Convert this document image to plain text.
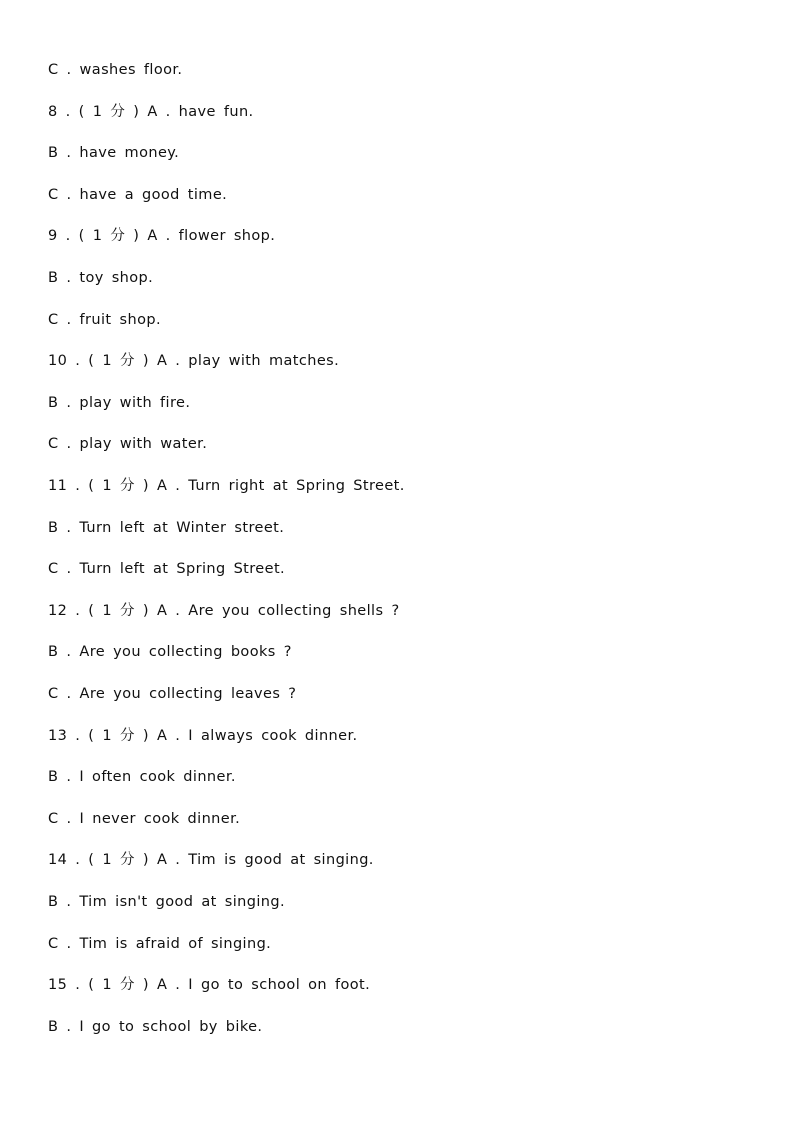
C . washes floor.
8 . ( 1 分 ) A . have fun.
B . have money.
C . have a good time.
9 . ( 1 分 ) A . flower shop.
B . toy shop.
C . fruit shop.
10 . ( 1 分 ) A . play with matches.
B . play with fire.
C . play with water.
11 . ( 1 分 ) A . Turn right at Spring Street.
B . Turn left at Winter street.
C . Turn left at Spring Street.
12 . ( 1 分 ) A . Are you collecting shells ?
B . Are you collecting books ?
C . Are you collecting leaves ?
13 . ( 1 分 ) A . I always cook dinner.
B . I often cook dinner.
C . I never cook dinner.
14 . ( 1 分 ) A . Tim is good at singing.
B . Tim isn't good at singing.
C . Tim is afraid of singing.
15 . ( 1 分 ) A . I go to school on foot.
B . I go to school by bike.
